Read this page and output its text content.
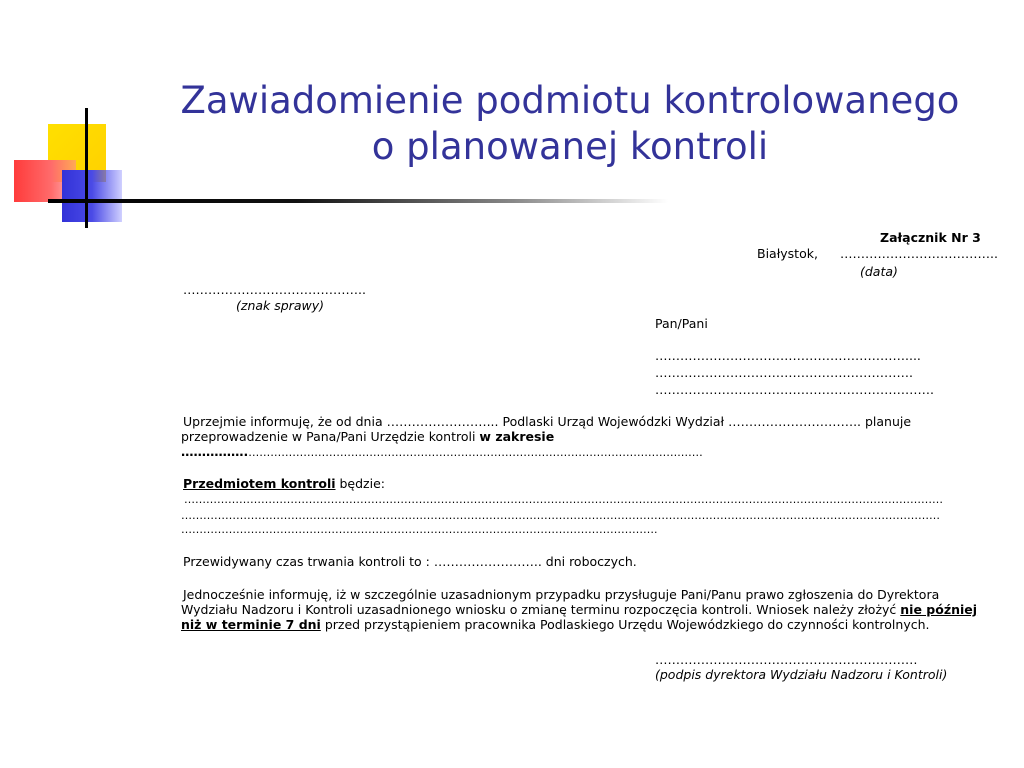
Zawiadomienie podmiotu kontrolowanego
o planowanej kontroli
Załącznik Nr 3
Białystok, ………………………………..
(data)
……………………………………..
(znak sprawy)
Pan/Pani
……………………………………………………....
……………………………………….…………….
………………………………………………………….
Uprzejmie informuję, że od dnia ……………………... Podlaski Urząd Wojewódzki Wydział ………………………….. planuje
przeprowadzenie w Pana/Pani Urzędzie kontroli w zakresie
…………….……………………………………………………………………………………………………….……
Przedmiotem kontroli będzie:
………………………………………………………………………………………………………………………………………………………………………………………
………………………………………………………………………………………………………………………………………………………………………………………
………………………………………………………………………………………………………………….
Przewidywany czas trwania kontroli to : …………………….. dni roboczych.
Jednocześnie informuję, iż w szczególnie uzasadnionym przypadku przysługuje Pani/Panu prawo zgłoszenia do Dyrektora
Wydziału Nadzoru i Kontroli uzasadnionego wniosku o zmianę terminu rozpoczęcia kontroli. Wniosek należy złożyć nie później
niż w terminie 7 dni przed przystąpieniem pracownika Podlaskiego Urzędu Wojewódzkiego do czynności kontrolnych.
………………………………………………………
(podpis dyrektora Wydziału Nadzoru i Kontroli)
